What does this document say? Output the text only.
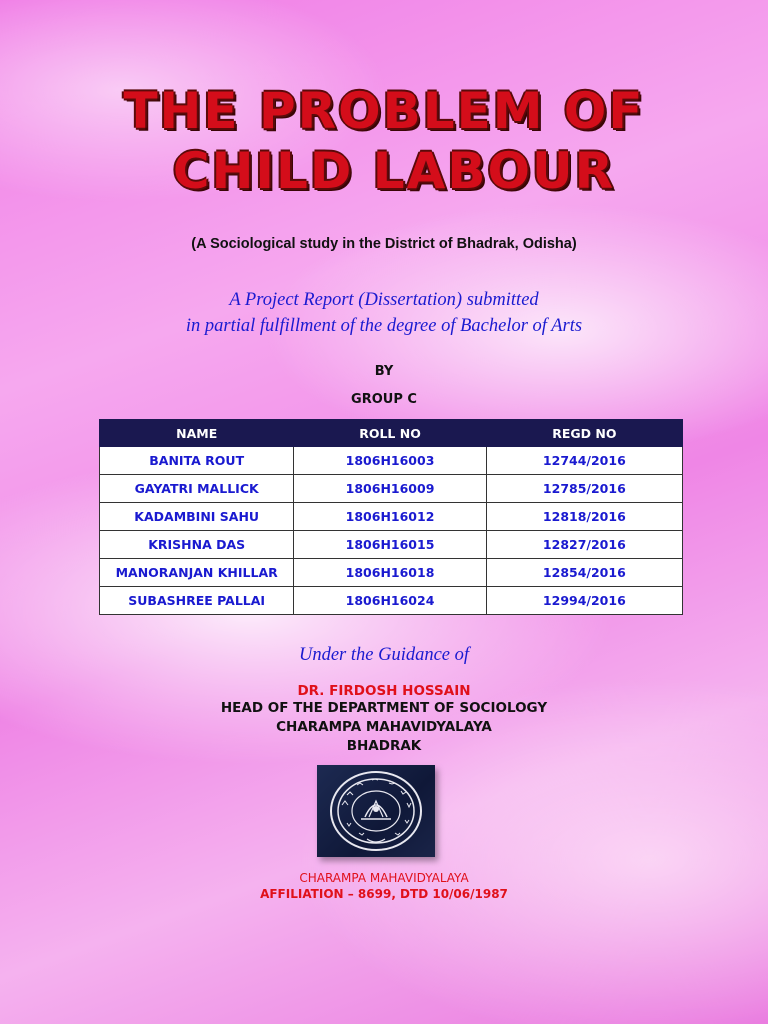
THE PROBLEM OF
CHILD LABOUR
(A Sociological study in the District of Bhadrak, Odisha)
A Project Report (Dissertation) submitted
in partial fulfillment of the degree of Bachelor of Arts
BY
GROUP C
NAME	ROLL NO	REGD NO
BANITA ROUT	1806H16003	12744/2016
GAYATRI MALLICK	1806H16009	12785/2016
KADAMBINI SAHU	1806H16012	12818/2016
KRISHNA DAS	1806H16015	12827/2016
MANORANJAN KHILLAR	1806H16018	12854/2016
SUBASHREE PALLAI	1806H16024	12994/2016
Under the Guidance of
DR. FIRDOSH HOSSAIN
HEAD OF THE DEPARTMENT OF SOCIOLOGY
CHARAMPA MAHAVIDYALAYA
BHADRAK
CHARAMPA MAHAVIDYALAYA
AFFILIATION – 8699, DTD 10/06/1987
